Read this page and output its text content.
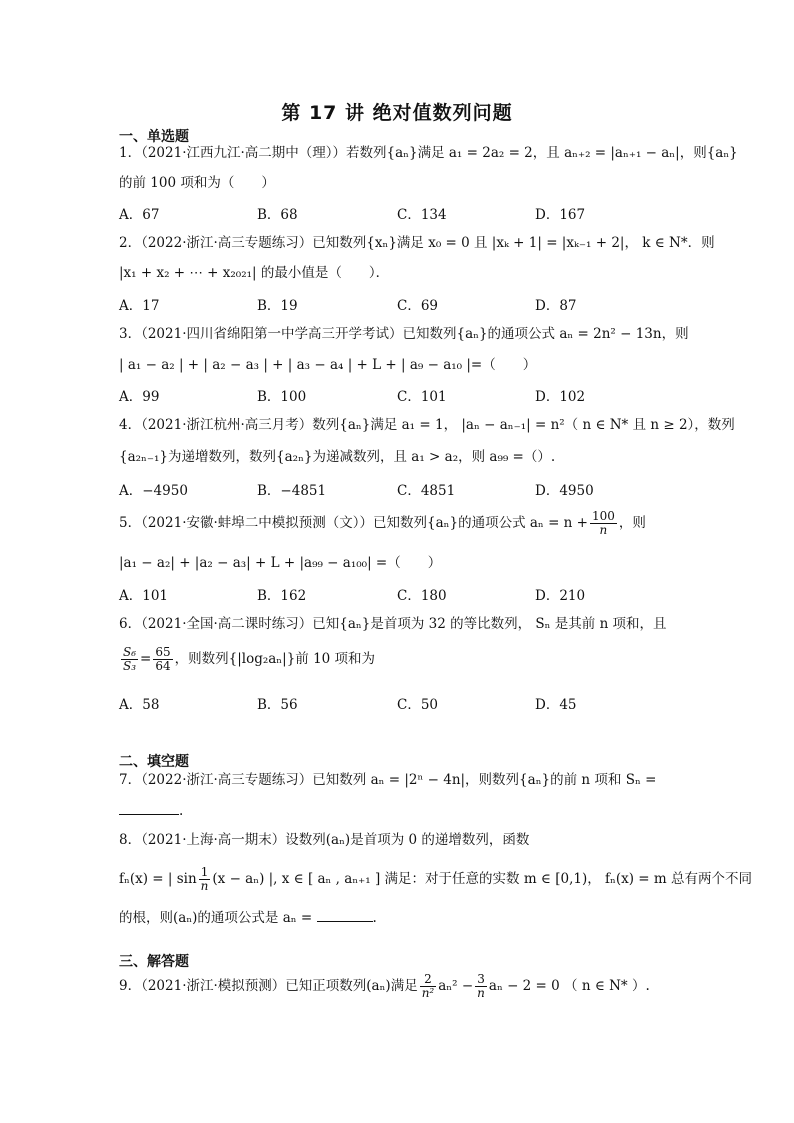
第 17 讲 绝对值数列问题
一、单选题
1．（2021·江西九江·高二期中（理））若数列{aₙ}满足 a₁ = 2a₂ = 2，且 aₙ₊₂ = |aₙ₊₁ − aₙ|，则{aₙ}
的前 100 项和为（　　）
A．67	B．68	C．134	D．167
2．（2022·浙江·高三专题练习）已知数列{xₙ}满足 x₀ = 0 且 |xₖ + 1| = |xₖ₋₁ + 2|， k ∈ N*．则
|x₁ + x₂ + ⋯ + x₂₀₂₁| 的最小值是（　　）．
A．17	B．19	C．69	D．87
3．（2021·四川省绵阳第一中学高三开学考试）已知数列{aₙ}的通项公式 aₙ = 2n² − 13n，则
| a₁ − a₂ | + | a₂ − a₃ | + | a₃ − a₄ | + L + | a₉ − a₁₀ |=（　　）
A．99	B．100	C．101	D．102
4．（2021·浙江杭州·高三月考）数列{aₙ}满足 a₁ = 1， |aₙ − aₙ₋₁| = n²（ n ∈ N* 且 n ≥ 2），数列
{a₂ₙ₋₁}为递增数列，数列{a₂ₙ}为递减数列，且 a₁ > a₂，则 a₉₉ =（）.
A．−4950	B．−4851	C．4851	D．4950
5．（2021·安徽·蚌埠二中模拟预测（文））已知数列{aₙ}的通项公式 $a_n = n + \frac{100}{n}$ ，则
|a₁ − a₂| + |a₂ − a₃| + L + |a₉₉ − a₁₀₀| =（　　）
A．101	B．162	C．180	D．210
6．（2021·全国·高二课时练习）已知{aₙ}是首项为 32 的等比数列， Sₙ 是其前 n 项和，且
$\frac{\text{S₆}}{\text{S₃}} = \frac{65}{64}$ ，则数列{|log₂aₙ|}前 10 项和为
A．58	B．56	C．50	D．45
二、填空题
7．（2022·浙江·高三专题练习）已知数列 aₙ = |2ⁿ − 4n|，则数列{aₙ}的前 n 项和 Sₙ =
.
8．（2021·上海·高一期末）设数列(aₙ)是首项为 0 的递增数列，函数
fₙ(x) = | $\sin \frac{1}{n} (x - a_n)$ |, x ∈ [ aₙ , aₙ₊₁ ] 满足：对于任意的实数 m ∈ [0,1)， fₙ(x) = m 总有两个不同
的根，则(aₙ)的通项公式是 aₙ =	.
三、解答题
9．（2021·浙江·模拟预测）已知正项数列(aₙ)满足 $\frac{2}{\text{n²}} a_n^2 - \frac{3}{n}$ aₙ − 2 = 0 （ n ∈ N* ）.
